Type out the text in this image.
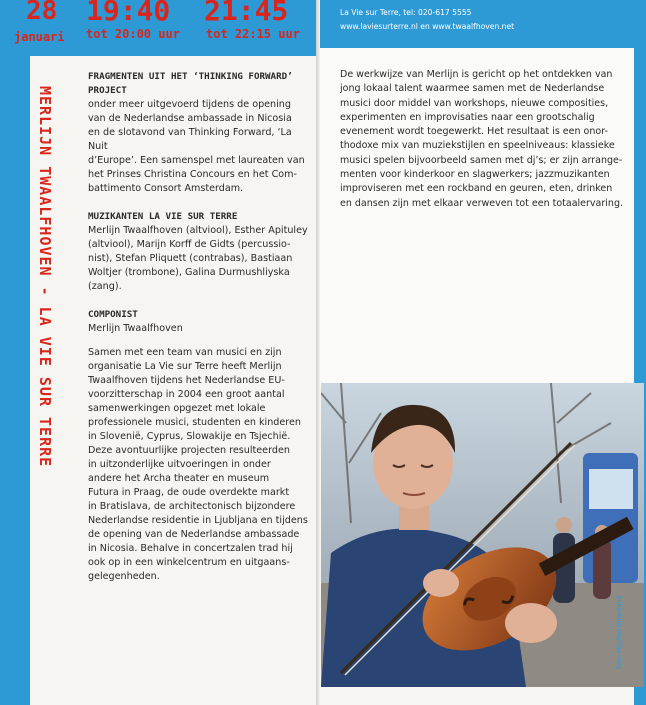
28
januari
19:40 21:45
tot 20:00 uur tot 22:15 uur
MERLIJN TWAALFHOVEN - LA VIE SUR TERRE

FRAGMENTEN UIT HET ‘THINKING FORWARD’

PROJECT

onder meer uitgevoerd tijdens de opening

van de Nederlandse ambassade in Nicosia

en de slotavond van Thinking Forward, ‘La Nuit

d’Europe’. Een samenspel met laureaten van

het Prinses Christina Concours en het Com-

battimento Consort Amsterdam.

MUZIKANTEN LA VIE SUR TERRE

Merlijn Twaalfhoven (altviool), Esther Apituley

(altviool), Marijn Korff de Gidts (percussio-

nist), Stefan Pliquett (contrabas), Bastiaan

Woltjer (trombone), Galina Durmushliyska

(zang).

COMPONIST

Merlijn Twaalfhoven

Samen met een team van musici en zijn

organisatie La Vie sur Terre heeft Merlijn

Twaalfhoven tijdens het Nederlandse EU-

voorzitterschap in 2004 een groot aantal

samenwerkingen opgezet met lokale

professionele musici, studenten en kinderen

in Slovenië, Cyprus, Slowakije en Tsjechië.

Deze avontuurlijke projecten resulteerden

in uitzonderlijke uitvoeringen in onder

andere het Archa theater en museum

Futura in Praag, de oude overdekte markt

in Bratislava, de architectonisch bijzondere

Nederlandse residentie in Ljubljana en tijdens

de opening van de Nederlandse ambassade

in Nicosia. Behalve in concertzalen trad hij

ook op in een winkelcentrum en uitgaans-

gelegenheden.

La Vie sur Terre, tel: 020-617 5555
www.laviesurterre.nl en www.twaalfhoven.net
De werkwijze van Merlijn is gericht op het ontdekken van
jong lokaal talent waarmee samen met de Nederlandse
musici door middel van workshops, nieuwe composities,
experimenten en improvisaties naar een grootschalig
evenement wordt toegewerkt. Het resultaat is een onor-
thodoxe mix van muziekstijlen en speelniveaus: klassieke
musici spelen bijvoorbeeld samen met dj’s; er zijn arrange-
menten voor kinderkoor en slagwerkers; jazzmuzikanten
improviseren met een rockband en geuren, eten, drinken
en dansen zijn met elkaar verweven tot een totaalervaring.
foto: Mischiel Groenland
